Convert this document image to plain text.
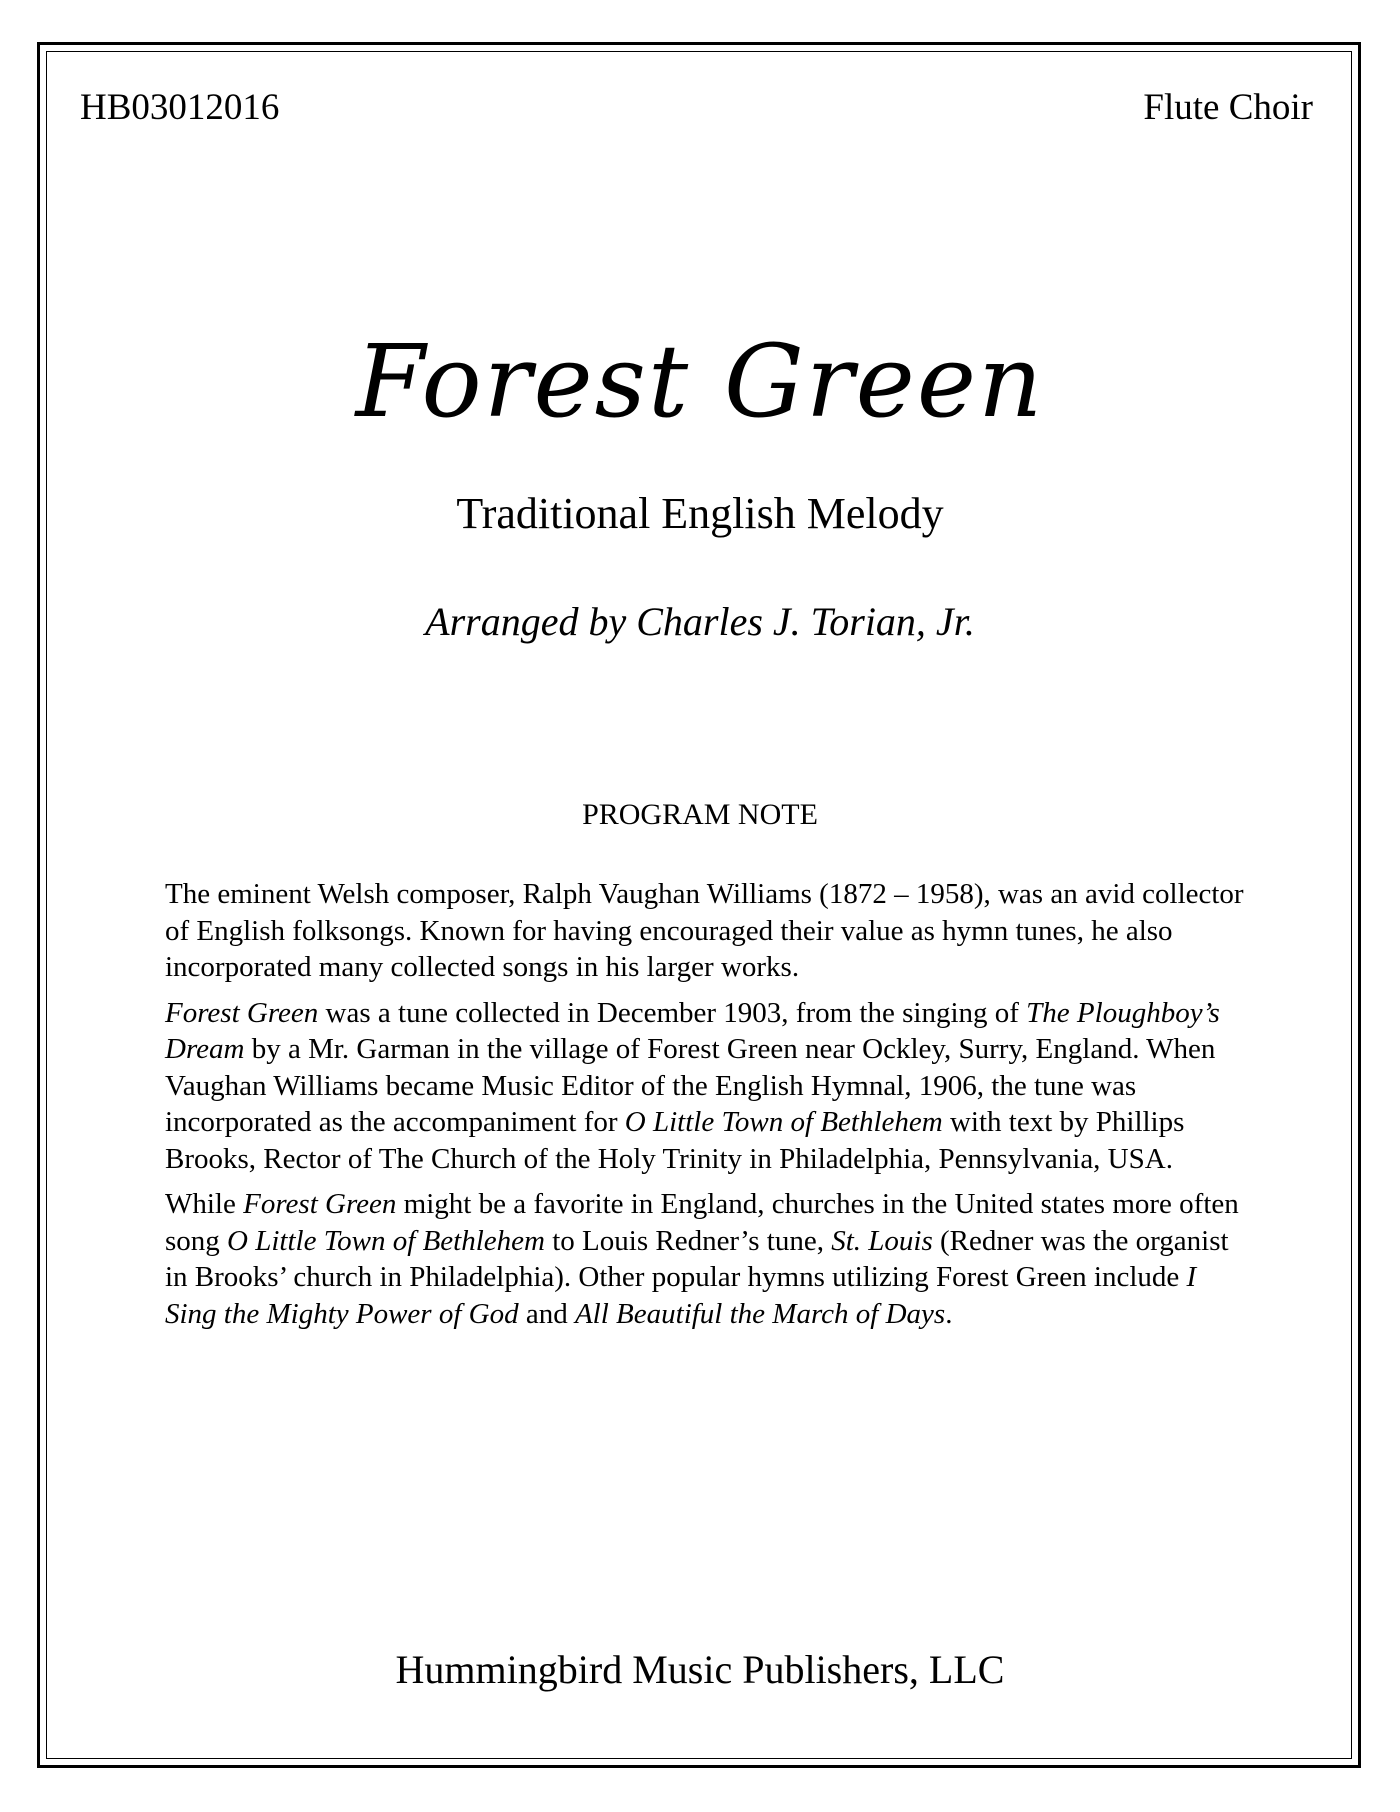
HB03012016	Flute Choir
Forest Green
Traditional English Melody
Arranged by Charles J. Torian, Jr.
PROGRAM NOTE

The eminent Welsh composer, Ralph Vaughan Williams (1872 – 1958), was an avid collector of English folksongs. Known for having encouraged their value as hymn tunes, he also incorporated many collected songs in his larger works.

Forest Green was a tune collected in December 1903, from the singing of The Ploughboy’s Dream by a Mr. Garman in the village of Forest Green near Ockley, Surry, England. When Vaughan Williams became Music Editor of the English Hymnal, 1906, the tune was incorporated as the accompaniment for O Little Town of Bethlehem with text by Phillips Brooks, Rector of The Church of the Holy Trinity in Philadelphia, Pennsylvania, USA.

While Forest Green might be a favorite in England, churches in the United states more often song O Little Town of Bethlehem to Louis Redner’s tune, St. Louis (Redner was the organist in Brooks’ church in Philadelphia). Other popular hymns utilizing Forest Green include I Sing the Mighty Power of God and All Beautiful the March of Days.

Hummingbird Music Publishers, LLC
